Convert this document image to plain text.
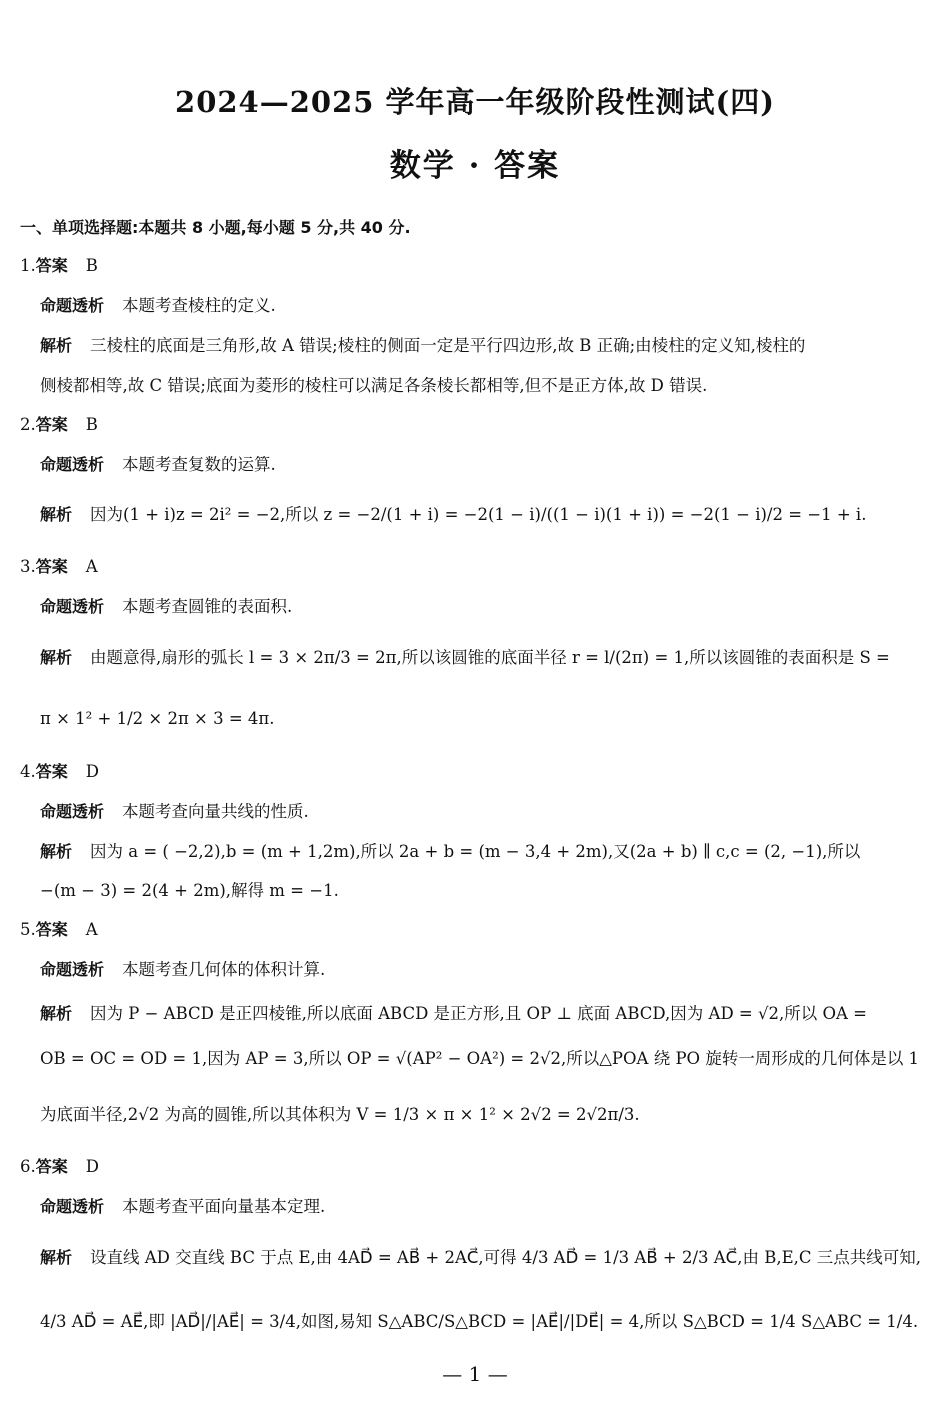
2024—2025 学年高一年级阶段性测试(四)
数学 · 答案
一、单项选择题:本题共 8 小题,每小题 5 分,共 40 分.
1.答案 B
命题透析 本题考查棱柱的定义.
解析 三棱柱的底面是三角形,故 A 错误;棱柱的侧面一定是平行四边形,故 B 正确;由棱柱的定义知,棱柱的
侧棱都相等,故 C 错误;底面为菱形的棱柱可以满足各条棱长都相等,但不是正方体,故 D 错误.
2.答案 B
命题透析 本题考查复数的运算.
解析 因为(1 + i)z = 2i² = −2,所以 z = −2/(1 + i) = −2(1 − i)/((1 − i)(1 + i)) = −2(1 − i)/2 = −1 + i.
3.答案 A
命题透析 本题考查圆锥的表面积.
解析 由题意得,扇形的弧长 l = 3 × 2π/3 = 2π,所以该圆锥的底面半径 r = l/(2π) = 1,所以该圆锥的表面积是 S =
π × 1² + 1/2 × 2π × 3 = 4π.
4.答案 D
命题透析 本题考查向量共线的性质.
解析 因为 a = ( −2,2),b = (m + 1,2m),所以 2a + b = (m − 3,4 + 2m),又(2a + b) ∥ c,c = (2, −1),所以
−(m − 3) = 2(4 + 2m),解得 m = −1.
5.答案 A
命题透析 本题考查几何体的体积计算.
解析 因为 P − ABCD 是正四棱锥,所以底面 ABCD 是正方形,且 OP ⊥ 底面 ABCD,因为 AD = √2,所以 OA =
OB = OC = OD = 1,因为 AP = 3,所以 OP = √(AP² − OA²) = 2√2,所以△POA 绕 PO 旋转一周形成的几何体是以 1
为底面半径,2√2 为高的圆锥,所以其体积为 V = 1/3 × π × 1² × 2√2 = 2√2π/3.
6.答案 D
命题透析 本题考查平面向量基本定理.
解析 设直线 AD 交直线 BC 于点 E,由 4AD⃗ = AB⃗ + 2AC⃗,可得 4/3 AD⃗ = 1/3 AB⃗ + 2/3 AC⃗,由 B,E,C 三点共线可知,
4/3 AD⃗ = AE⃗,即 |AD⃗|/|AE⃗| = 3/4,如图,易知 S△ABC/S△BCD = |AE⃗|/|DE⃗| = 4,所以 S△BCD = 1/4 S△ABC = 1/4.
— 1 —
